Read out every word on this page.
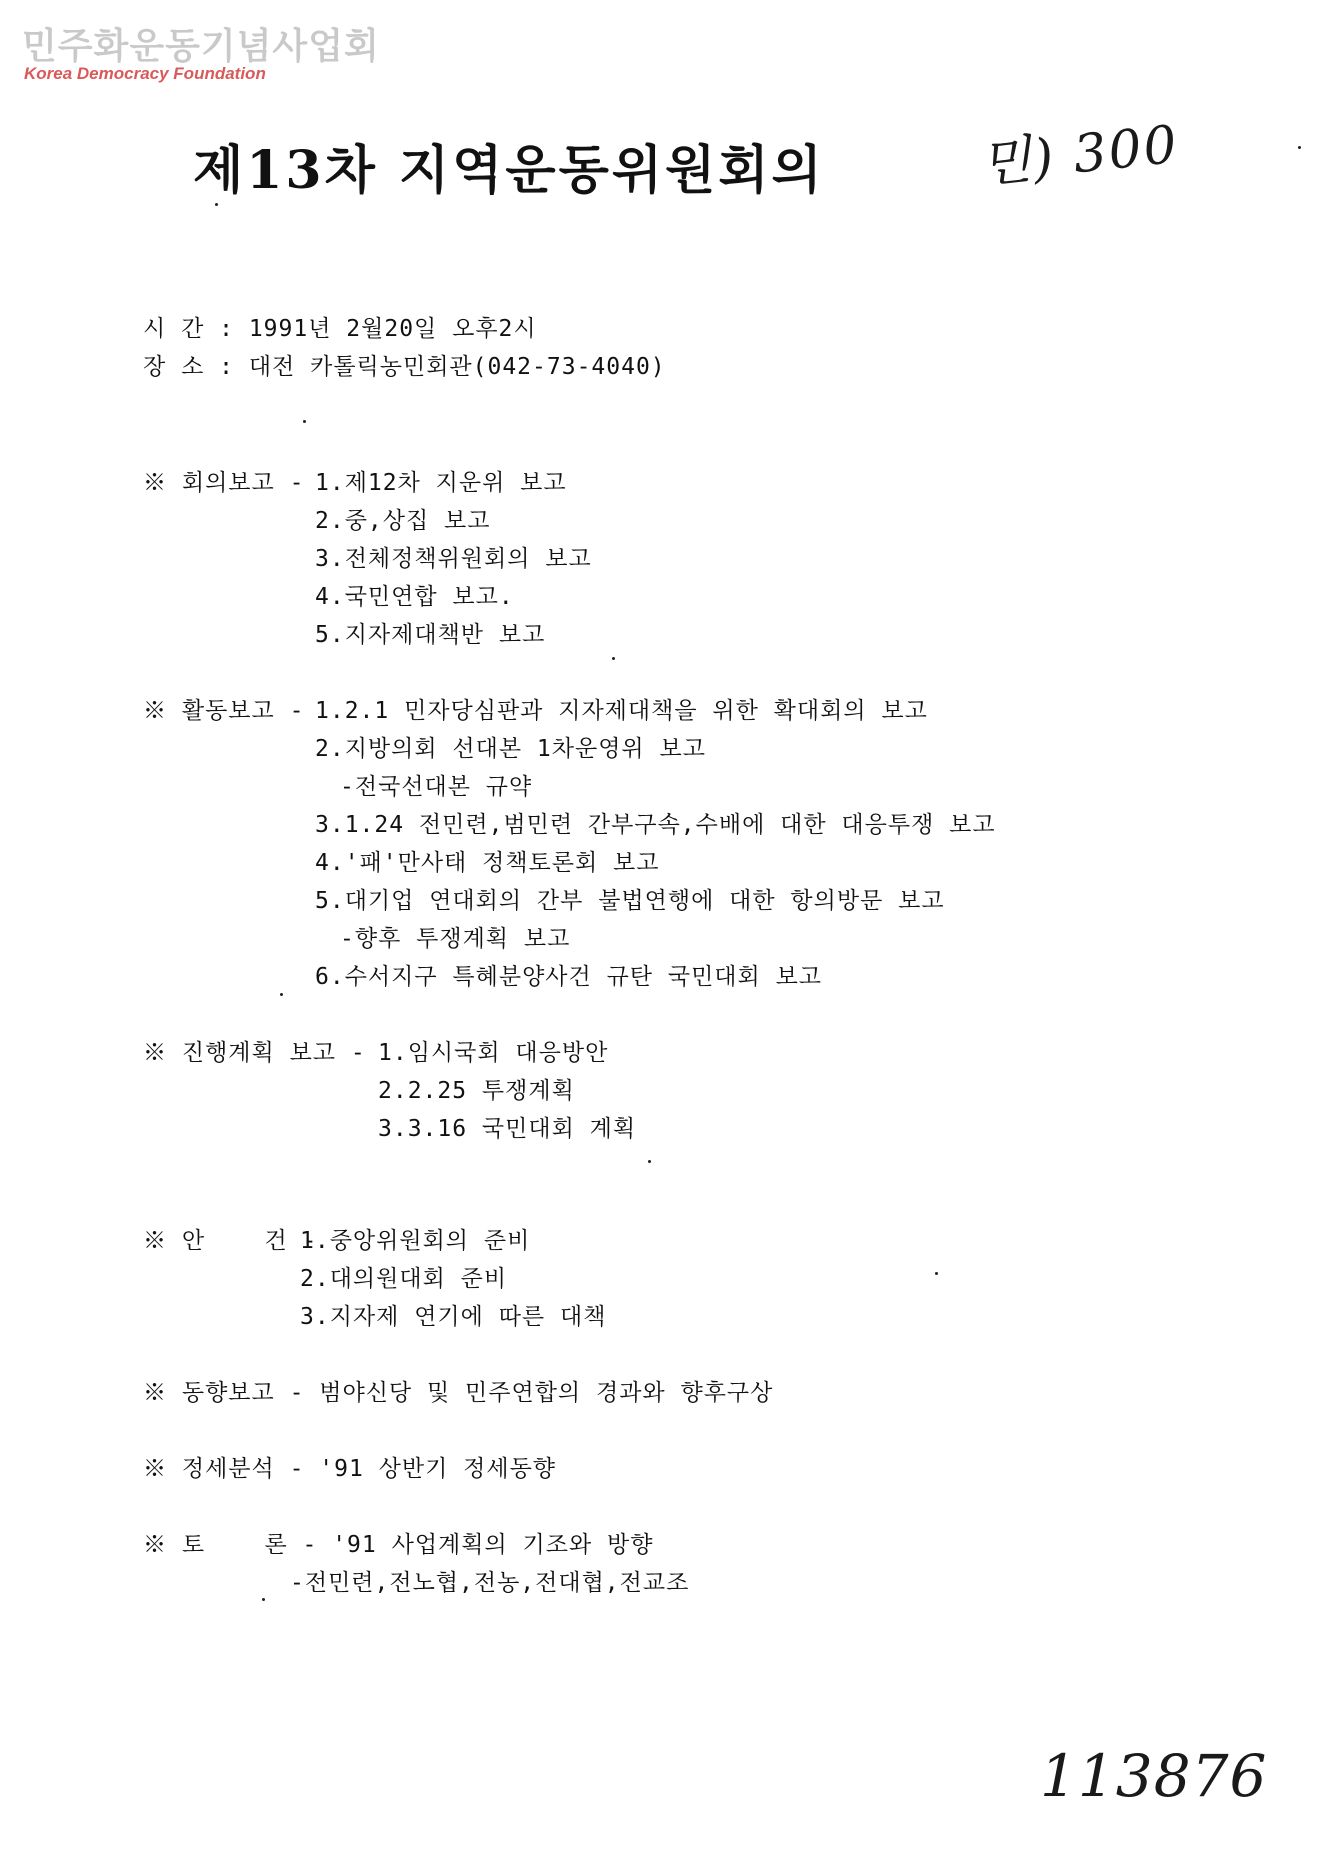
민주화운동기념사업회
Korea Democracy Foundation
제13차 지역운동위원회의	민) 300

113876

시 간 : 1991년 2월20일 오후2시

장 소 : 대전 카톨릭농민회관(042-73-4040)

※ 회의보고 - 1.제12차 지운위 보고

2.중,상집 보고

3.전체정책위원회의 보고

4.국민연합 보고.

5.지자제대책반 보고

※ 활동보고 - 1.2.1 민자당심판과 지자제대책을 위한 확대회의 보고

2.지방의회 선대본 1차운영위 보고

-전국선대본 규약

3.1.24 전민련,범민련 간부구속,수배에 대한 대응투쟁 보고

4.'패'만사태 정책토론회 보고

5.대기업 연대회의 간부 불법연행에 대한 항의방문 보고

-향후 투쟁계획 보고

6.수서지구 특혜분양사건 규탄 국민대회 보고

※ 진행계획 보고 - 1.임시국회 대응방안

2.2.25 투쟁계획

3.3.16 국민대회 계획

※ 안    건 -

1.중앙위원회의 준비

2.대의원대회 준비

3.지자제 연기에 따른 대책

※ 동향보고 - 범야신당 및 민주연합의 경과와 향후구상

※ 정세분석 - '91 상반기 정세동향

※ 토    론 - '91 사업계획의 기조와 방향

-전민련,전노협,전농,전대협,전교조
